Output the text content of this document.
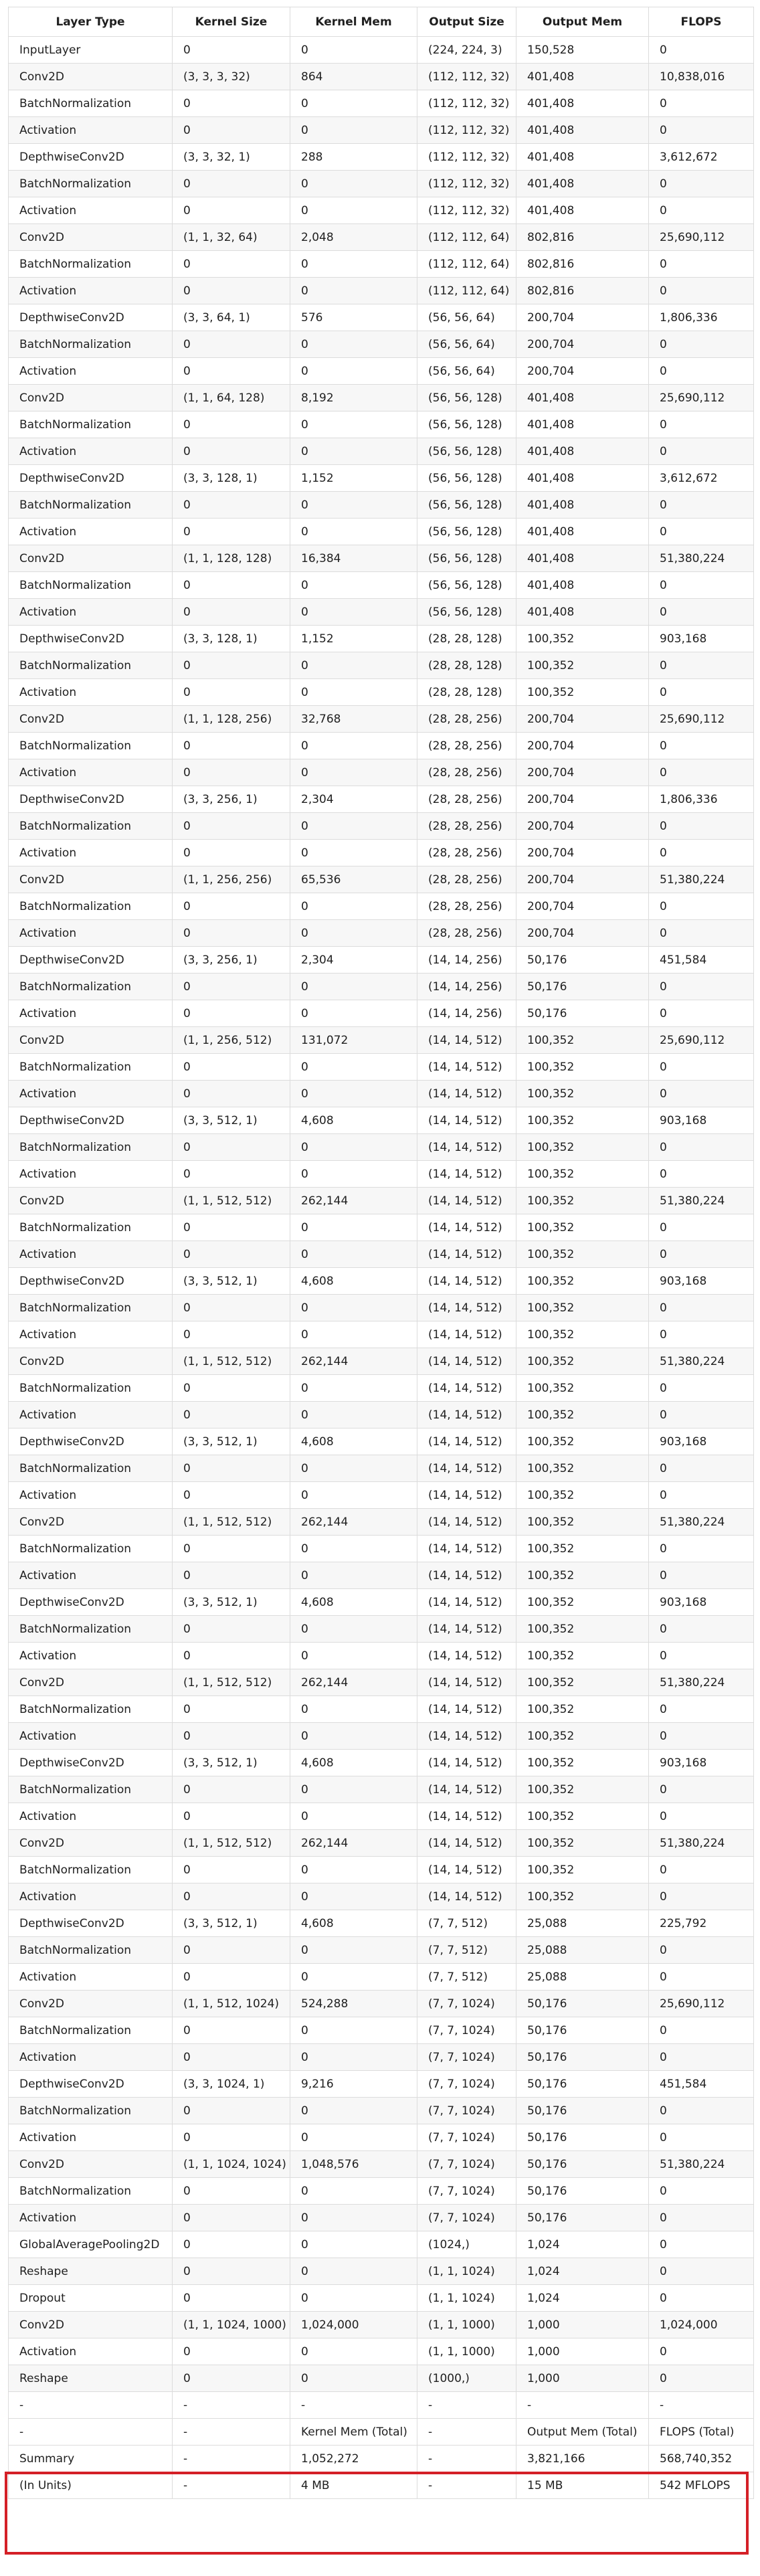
Layer Type	Kernel Size	Kernel Mem	Output Size	Output Mem	FLOPS
InputLayer	0	0	(224, 224, 3)	150,528	0
Conv2D	(3, 3, 3, 32)	864	(112, 112, 32)	401,408	10,838,016
BatchNormalization	0	0	(112, 112, 32)	401,408	0
Activation	0	0	(112, 112, 32)	401,408	0
DepthwiseConv2D	(3, 3, 32, 1)	288	(112, 112, 32)	401,408	3,612,672
BatchNormalization	0	0	(112, 112, 32)	401,408	0
Activation	0	0	(112, 112, 32)	401,408	0
Conv2D	(1, 1, 32, 64)	2,048	(112, 112, 64)	802,816	25,690,112
BatchNormalization	0	0	(112, 112, 64)	802,816	0
Activation	0	0	(112, 112, 64)	802,816	0
DepthwiseConv2D	(3, 3, 64, 1)	576	(56, 56, 64)	200,704	1,806,336
BatchNormalization	0	0	(56, 56, 64)	200,704	0
Activation	0	0	(56, 56, 64)	200,704	0
Conv2D	(1, 1, 64, 128)	8,192	(56, 56, 128)	401,408	25,690,112
BatchNormalization	0	0	(56, 56, 128)	401,408	0
Activation	0	0	(56, 56, 128)	401,408	0
DepthwiseConv2D	(3, 3, 128, 1)	1,152	(56, 56, 128)	401,408	3,612,672
BatchNormalization	0	0	(56, 56, 128)	401,408	0
Activation	0	0	(56, 56, 128)	401,408	0
Conv2D	(1, 1, 128, 128)	16,384	(56, 56, 128)	401,408	51,380,224
BatchNormalization	0	0	(56, 56, 128)	401,408	0
Activation	0	0	(56, 56, 128)	401,408	0
DepthwiseConv2D	(3, 3, 128, 1)	1,152	(28, 28, 128)	100,352	903,168
BatchNormalization	0	0	(28, 28, 128)	100,352	0
Activation	0	0	(28, 28, 128)	100,352	0
Conv2D	(1, 1, 128, 256)	32,768	(28, 28, 256)	200,704	25,690,112
BatchNormalization	0	0	(28, 28, 256)	200,704	0
Activation	0	0	(28, 28, 256)	200,704	0
DepthwiseConv2D	(3, 3, 256, 1)	2,304	(28, 28, 256)	200,704	1,806,336
BatchNormalization	0	0	(28, 28, 256)	200,704	0
Activation	0	0	(28, 28, 256)	200,704	0
Conv2D	(1, 1, 256, 256)	65,536	(28, 28, 256)	200,704	51,380,224
BatchNormalization	0	0	(28, 28, 256)	200,704	0
Activation	0	0	(28, 28, 256)	200,704	0
DepthwiseConv2D	(3, 3, 256, 1)	2,304	(14, 14, 256)	50,176	451,584
BatchNormalization	0	0	(14, 14, 256)	50,176	0
Activation	0	0	(14, 14, 256)	50,176	0
Conv2D	(1, 1, 256, 512)	131,072	(14, 14, 512)	100,352	25,690,112
BatchNormalization	0	0	(14, 14, 512)	100,352	0
Activation	0	0	(14, 14, 512)	100,352	0
DepthwiseConv2D	(3, 3, 512, 1)	4,608	(14, 14, 512)	100,352	903,168
BatchNormalization	0	0	(14, 14, 512)	100,352	0
Activation	0	0	(14, 14, 512)	100,352	0
Conv2D	(1, 1, 512, 512)	262,144	(14, 14, 512)	100,352	51,380,224
BatchNormalization	0	0	(14, 14, 512)	100,352	0
Activation	0	0	(14, 14, 512)	100,352	0
DepthwiseConv2D	(3, 3, 512, 1)	4,608	(14, 14, 512)	100,352	903,168
BatchNormalization	0	0	(14, 14, 512)	100,352	0
Activation	0	0	(14, 14, 512)	100,352	0
Conv2D	(1, 1, 512, 512)	262,144	(14, 14, 512)	100,352	51,380,224
BatchNormalization	0	0	(14, 14, 512)	100,352	0
Activation	0	0	(14, 14, 512)	100,352	0
DepthwiseConv2D	(3, 3, 512, 1)	4,608	(14, 14, 512)	100,352	903,168
BatchNormalization	0	0	(14, 14, 512)	100,352	0
Activation	0	0	(14, 14, 512)	100,352	0
Conv2D	(1, 1, 512, 512)	262,144	(14, 14, 512)	100,352	51,380,224
BatchNormalization	0	0	(14, 14, 512)	100,352	0
Activation	0	0	(14, 14, 512)	100,352	0
DepthwiseConv2D	(3, 3, 512, 1)	4,608	(14, 14, 512)	100,352	903,168
BatchNormalization	0	0	(14, 14, 512)	100,352	0
Activation	0	0	(14, 14, 512)	100,352	0
Conv2D	(1, 1, 512, 512)	262,144	(14, 14, 512)	100,352	51,380,224
BatchNormalization	0	0	(14, 14, 512)	100,352	0
Activation	0	0	(14, 14, 512)	100,352	0
DepthwiseConv2D	(3, 3, 512, 1)	4,608	(14, 14, 512)	100,352	903,168
BatchNormalization	0	0	(14, 14, 512)	100,352	0
Activation	0	0	(14, 14, 512)	100,352	0
Conv2D	(1, 1, 512, 512)	262,144	(14, 14, 512)	100,352	51,380,224
BatchNormalization	0	0	(14, 14, 512)	100,352	0
Activation	0	0	(14, 14, 512)	100,352	0
DepthwiseConv2D	(3, 3, 512, 1)	4,608	(7, 7, 512)	25,088	225,792
BatchNormalization	0	0	(7, 7, 512)	25,088	0
Activation	0	0	(7, 7, 512)	25,088	0
Conv2D	(1, 1, 512, 1024)	524,288	(7, 7, 1024)	50,176	25,690,112
BatchNormalization	0	0	(7, 7, 1024)	50,176	0
Activation	0	0	(7, 7, 1024)	50,176	0
DepthwiseConv2D	(3, 3, 1024, 1)	9,216	(7, 7, 1024)	50,176	451,584
BatchNormalization	0	0	(7, 7, 1024)	50,176	0
Activation	0	0	(7, 7, 1024)	50,176	0
Conv2D	(1, 1, 1024, 1024)	1,048,576	(7, 7, 1024)	50,176	51,380,224
BatchNormalization	0	0	(7, 7, 1024)	50,176	0
Activation	0	0	(7, 7, 1024)	50,176	0
GlobalAveragePooling2D	0	0	(1024,)	1,024	0
Reshape	0	0	(1, 1, 1024)	1,024	0
Dropout	0	0	(1, 1, 1024)	1,024	0
Conv2D	(1, 1, 1024, 1000)	1,024,000	(1, 1, 1000)	1,000	1,024,000
Activation	0	0	(1, 1, 1000)	1,000	0
Reshape	0	0	(1000,)	1,000	0
-	-	-	-	-	-
-	-	Kernel Mem (Total)	-	Output Mem (Total)	FLOPS (Total)
Summary	-	1,052,272	-	3,821,166	568,740,352
(In Units)	-	4 MB	-	15 MB	542 MFLOPS
